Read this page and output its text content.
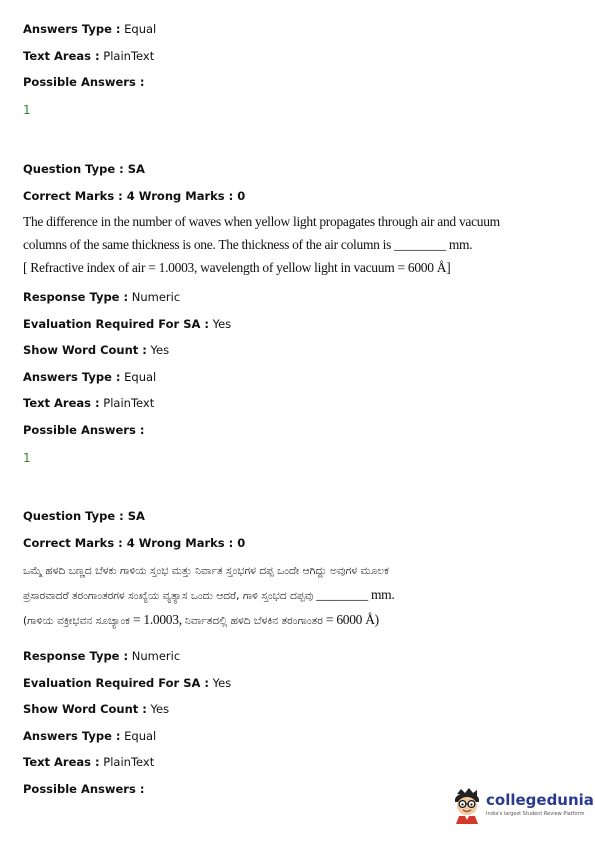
Answers Type : Equal
Text Areas : PlainText
Possible Answers :
1
Question Type : SA
Correct Marks : 4 Wrong Marks : 0
The difference in the number of waves when yellow light propagates through air and vacuum
columns of the same thickness is one. The thickness of the air column is ________ mm.
[ Refractive index of air = 1.0003, wavelength of yellow light in vacuum = 6000 Å]
Response Type : Numeric
Evaluation Required For SA : Yes
Show Word Count : Yes
Answers Type : Equal
Text Areas : PlainText
Possible Answers :
1
Question Type : SA
Correct Marks : 4 Wrong Marks : 0
ಒಮ್ಮೆ ಹಳದಿ ಬಣ್ಣದ ಬೆಳಕು ಗಾಳಿಯ ಸ್ತಂಭ ಮತ್ತು ನಿರ್ವಾತ ಸ್ತಂಭಗಳ ದಪ್ಪ ಒಂದೇ ಆಗಿದ್ದು ಅವುಗಳ ಮೂಲಕ
ಪ್ರಸಾರವಾದರೆ ತರಂಗಾಂತರಗಳ ಸಂಖ್ಯೆಯ ವ್ಯತ್ಯಾಸ ಒಂದು ಆದರೆ, ಗಾಳಿ ಸ್ತಂಭದ ದಪ್ಪವು ________ mm.
(ಗಾಳಿಯ ವಕ್ರೀಭವನ ಸೂಚ್ಯಾಂಕ = 1.0003, ನಿರ್ವಾತದಲ್ಲಿ ಹಳದಿ ಬೆಳಕಿನ ತರಂಗಾಂತರ = 6000 Å)
Response Type : Numeric
Evaluation Required For SA : Yes
Show Word Count : Yes
Answers Type : Equal
Text Areas : PlainText
Possible Answers :
collegedunia
India's largest Student Review Platform
